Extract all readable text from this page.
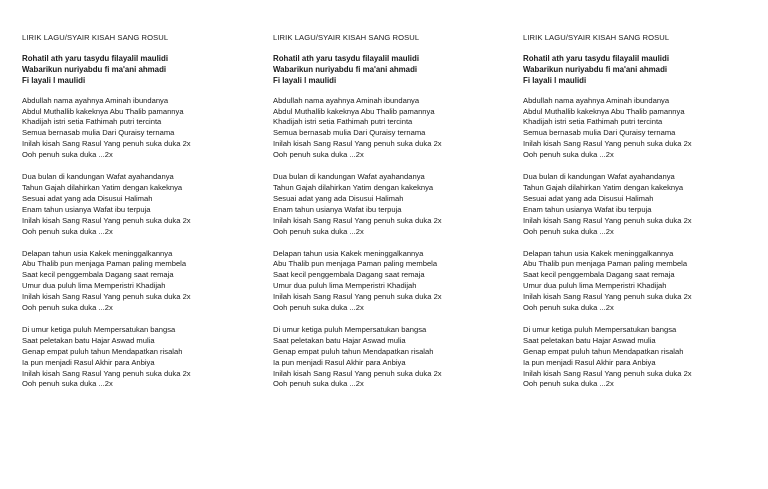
LIRIK LAGU/SYAIR KISAH SANG ROSUL
Rohatil ath yaru tasydu filayalil maulidi
Wabarikun nuriyabdu fi ma'ani ahmadi
Fi layali l maulidi
Abdullah nama ayahnya Aminah ibundanya
Abdul Muthallib kakeknya Abu Thalib pamannya
Khadijah istri setia Fathimah putri tercinta
Semua bernasab mulia Dari Quraisy ternama
Inilah kisah Sang Rasul Yang penuh suka duka 2x
Ooh penuh suka duka ...2x
Dua bulan di kandungan Wafat ayahandanya
Tahun Gajah dilahirkan Yatim dengan kakeknya
Sesuai adat yang ada Disusui Halimah
Enam tahun usianya Wafat ibu terpuja
Inilah kisah Sang Rasul Yang penuh suka duka 2x
Ooh penuh suka duka ...2x
Delapan tahun usia Kakek meninggalkannya
Abu Thalib pun menjaga Paman paling membela
Saat kecil penggembala Dagang saat remaja
Umur dua puluh lima Memperistri Khadijah
Inilah kisah Sang Rasul Yang penuh suka duka 2x
Ooh penuh suka duka ...2x
Di umur ketiga puluh Mempersatukan bangsa
Saat peletakan batu Hajar Aswad mulia
Genap empat puluh tahun Mendapatkan risalah
Ia pun menjadi Rasul Akhir para Anbiya
Inilah kisah Sang Rasul Yang penuh suka duka 2x
Ooh penuh suka duka ...2x
LIRIK LAGU/SYAIR KISAH SANG ROSUL
Rohatil ath yaru tasydu filayalil maulidi
Wabarikun nuriyabdu fi ma'ani ahmadi
Fi layali l maulidi
Abdullah nama ayahnya Aminah ibundanya
Abdul Muthallib kakeknya Abu Thalib pamannya
Khadijah istri setia Fathimah putri tercinta
Semua bernasab mulia Dari Quraisy ternama
Inilah kisah Sang Rasul Yang penuh suka duka 2x
Ooh penuh suka duka ...2x
Dua bulan di kandungan Wafat ayahandanya
Tahun Gajah dilahirkan Yatim dengan kakeknya
Sesuai adat yang ada Disusui Halimah
Enam tahun usianya Wafat ibu terpuja
Inilah kisah Sang Rasul Yang penuh suka duka 2x
Ooh penuh suka duka ...2x
Delapan tahun usia Kakek meninggalkannya
Abu Thalib pun menjaga Paman paling membela
Saat kecil penggembala Dagang saat remaja
Umur dua puluh lima Memperistri Khadijah
Inilah kisah Sang Rasul Yang penuh suka duka 2x
Ooh penuh suka duka ...2x
Di umur ketiga puluh Mempersatukan bangsa
Saat peletakan batu Hajar Aswad mulia
Genap empat puluh tahun Mendapatkan risalah
Ia pun menjadi Rasul Akhir para Anbiya
Inilah kisah Sang Rasul Yang penuh suka duka 2x
Ooh penuh suka duka ...2x
LIRIK LAGU/SYAIR KISAH SANG ROSUL
Rohatil ath yaru tasydu filayalil maulidi
Wabarikun nuriyabdu fi ma'ani ahmadi
Fi layali l maulidi
Abdullah nama ayahnya Aminah ibundanya
Abdul Muthallib kakeknya Abu Thalib pamannya
Khadijah istri setia Fathimah putri tercinta
Semua bernasab mulia Dari Quraisy ternama
Inilah kisah Sang Rasul Yang penuh suka duka 2x
Ooh penuh suka duka ...2x
Dua bulan di kandungan Wafat ayahandanya
Tahun Gajah dilahirkan Yatim dengan kakeknya
Sesuai adat yang ada Disusui Halimah
Enam tahun usianya Wafat ibu terpuja
Inilah kisah Sang Rasul Yang penuh suka duka 2x
Ooh penuh suka duka ...2x
Delapan tahun usia Kakek meninggalkannya
Abu Thalib pun menjaga Paman paling membela
Saat kecil penggembala Dagang saat remaja
Umur dua puluh lima Memperistri Khadijah
Inilah kisah Sang Rasul Yang penuh suka duka 2x
Ooh penuh suka duka ...2x
Di umur ketiga puluh Mempersatukan bangsa
Saat peletakan batu Hajar Aswad mulia
Genap empat puluh tahun Mendapatkan risalah
Ia pun menjadi Rasul Akhir para Anbiya
Inilah kisah Sang Rasul Yang penuh suka duka 2x
Ooh penuh suka duka ...2x
